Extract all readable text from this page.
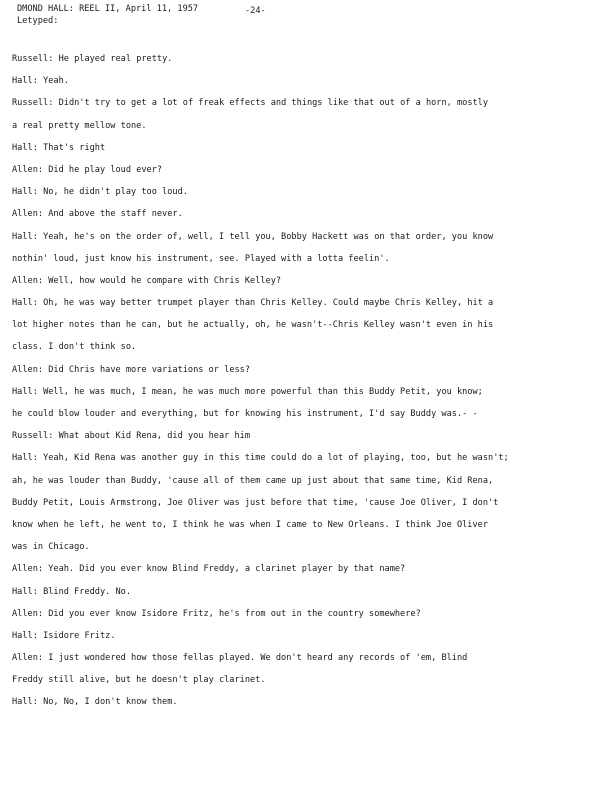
DMOND HALL: REEL II, April 11, 1957	-24-
Letyped:
Russell: He played real pretty.
Hall: Yeah.
Russell: Didn't try to get a lot of freak effects and things like that out of a horn, mostly
a real pretty mellow tone.
Hall: That's right
Allen: Did he play loud ever?
Hall: No, he didn't play too loud.
Allen: And above the staff never.
Hall: Yeah, he's on the order of, well, I tell you, Bobby Hackett was on that order, you know
nothin' loud, just know his instrument, see. Played with a lotta feelin'.
Allen: Well, how would he compare with Chris Kelley?
Hall: Oh, he was way better trumpet player than Chris Kelley. Could maybe Chris Kelley, hit a
lot higher notes than he can, but he actually, oh, he wasn't--Chris Kelley wasn't even in his
class. I don't think so.
Allen: Did Chris have more variations or less?
Hall: Well, he was much, I mean, he was much more powerful than this Buddy Petit, you know;
he could blow louder and everything, but for knowing his instrument, I'd say Buddy was.- -
Russell: What about Kid Rena, did you hear him
Hall: Yeah, Kid Rena was another guy in this time could do a lot of playing, too, but he wasn't;
ah, he was louder than Buddy, 'cause all of them came up just about that same time, Kid Rena,
Buddy Petit, Louis Armstrong, Joe Oliver was just before that time, 'cause Joe Oliver, I don't
know when he left, he went to, I think he was when I came to New Orleans. I think Joe Oliver
was in Chicago.
Allen: Yeah. Did you ever know Blind Freddy, a clarinet player by that name?
Hall: Blind Freddy. No.
Allen: Did you ever know Isidore Fritz, he's from out in the country somewhere?
Hall: Isidore Fritz.
Allen: I just wondered how those fellas played. We don't heard any records of 'em, Blind
Freddy still alive, but he doesn't play clarinet.
Hall: No, No, I don't know them.
